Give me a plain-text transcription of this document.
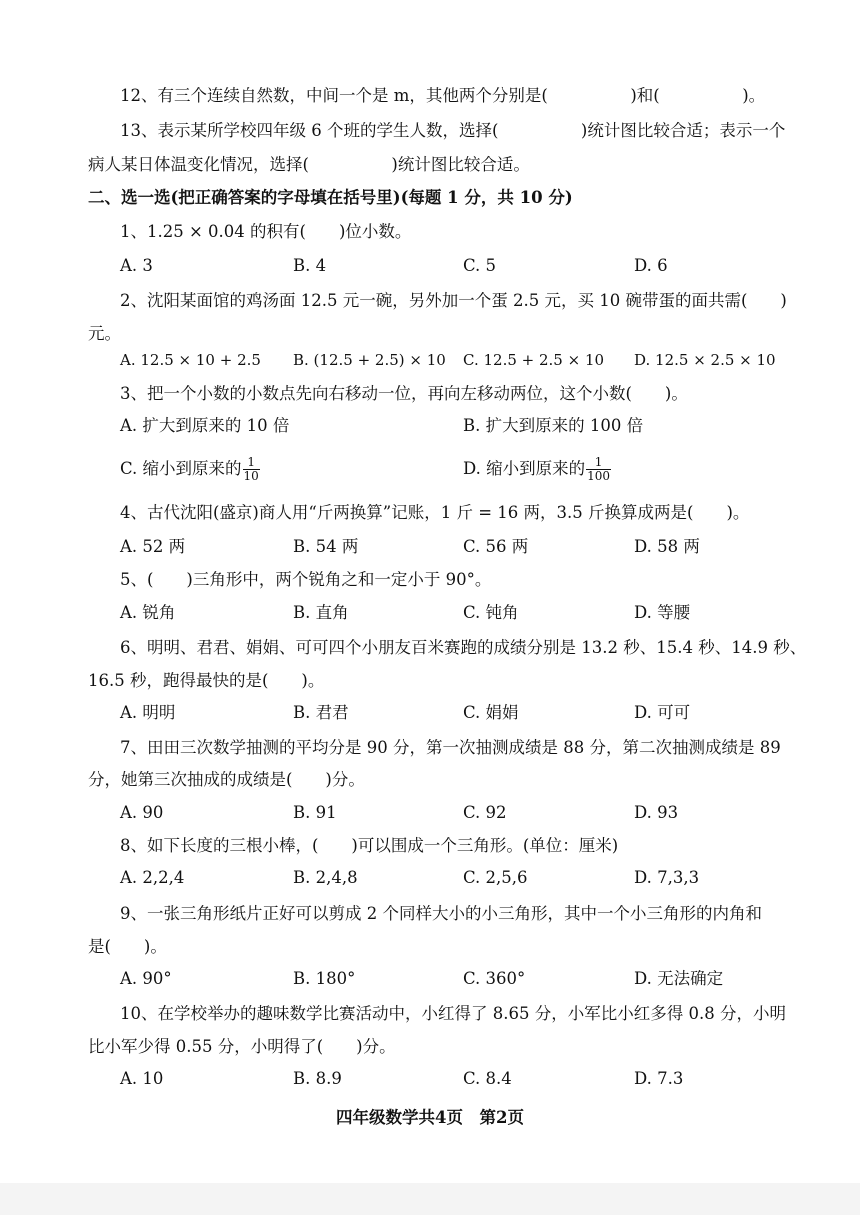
12、有三个连续自然数，中间一个是 m，其他两个分别是(　　　　　)和(　　　　　)。
13、表示某所学校四年级 6 个班的学生人数，选择(　　　　　)统计图比较合适；表示一个
病人某日体温变化情况，选择(　　　　　)统计图比较合适。
二、选一选(把正确答案的字母填在括号里)(每题 1 分，共 10 分)
1、1.25 × 0.04 的积有(　　)位小数。
A. 3	B. 4	C. 5	D. 6
2、沈阳某面馆的鸡汤面 12.5 元一碗，另外加一个蛋 2.5 元，买 10 碗带蛋的面共需(　　)
元。
A. 12.5 × 10 + 2.5 B. (12.5 + 2.5) × 10 C. 12.5 + 2.5 × 10 D. 12.5 × 2.5 × 10
3、把一个小数的小数点先向右移动一位，再向左移动两位，这个小数(　　)。
A. 扩大到原来的 10 倍	B. 扩大到原来的 100 倍
C. 缩小到原来的 $\frac{1}{10}$	D. 缩小到原来的 $\frac{1}{100}$
4、古代沈阳(盛京)商人用“斤两换算”记账，1 斤 = 16 两，3.5 斤换算成两是(　　)。
A. 52 两	B. 54 两	C. 56 两	D. 58 两
5、(　　)三角形中，两个锐角之和一定小于 90°。
A. 锐角	B. 直角	C. 钝角	D. 等腰
6、明明、君君、娟娟、可可四个小朋友百米赛跑的成绩分别是 13.2 秒、15.4 秒、14.9 秒、
16.5 秒，跑得最快的是(　　)。
A. 明明	B. 君君	C. 娟娟	D. 可可
7、田田三次数学抽测的平均分是 90 分，第一次抽测成绩是 88 分，第二次抽测成绩是 89
分，她第三次抽成的成绩是(　　)分。
A. 90	B. 91	C. 92	D. 93
8、如下长度的三根小棒，(　　)可以围成一个三角形。(单位：厘米)
A. 2,2,4	B. 2,4,8	C. 2,5,6	D. 7,3,3
9、一张三角形纸片正好可以剪成 2 个同样大小的小三角形，其中一个小三角形的内角和
是(　　)。
A. 90°	B. 180°	C. 360°	D. 无法确定
10、在学校举办的趣味数学比赛活动中，小红得了 8.65 分，小军比小红多得 0.8 分，小明
比小军少得 0.55 分，小明得了(　　)分。
A. 10	B. 8.9	C. 8.4	D. 7.3
四年级数学共4页　第2页
